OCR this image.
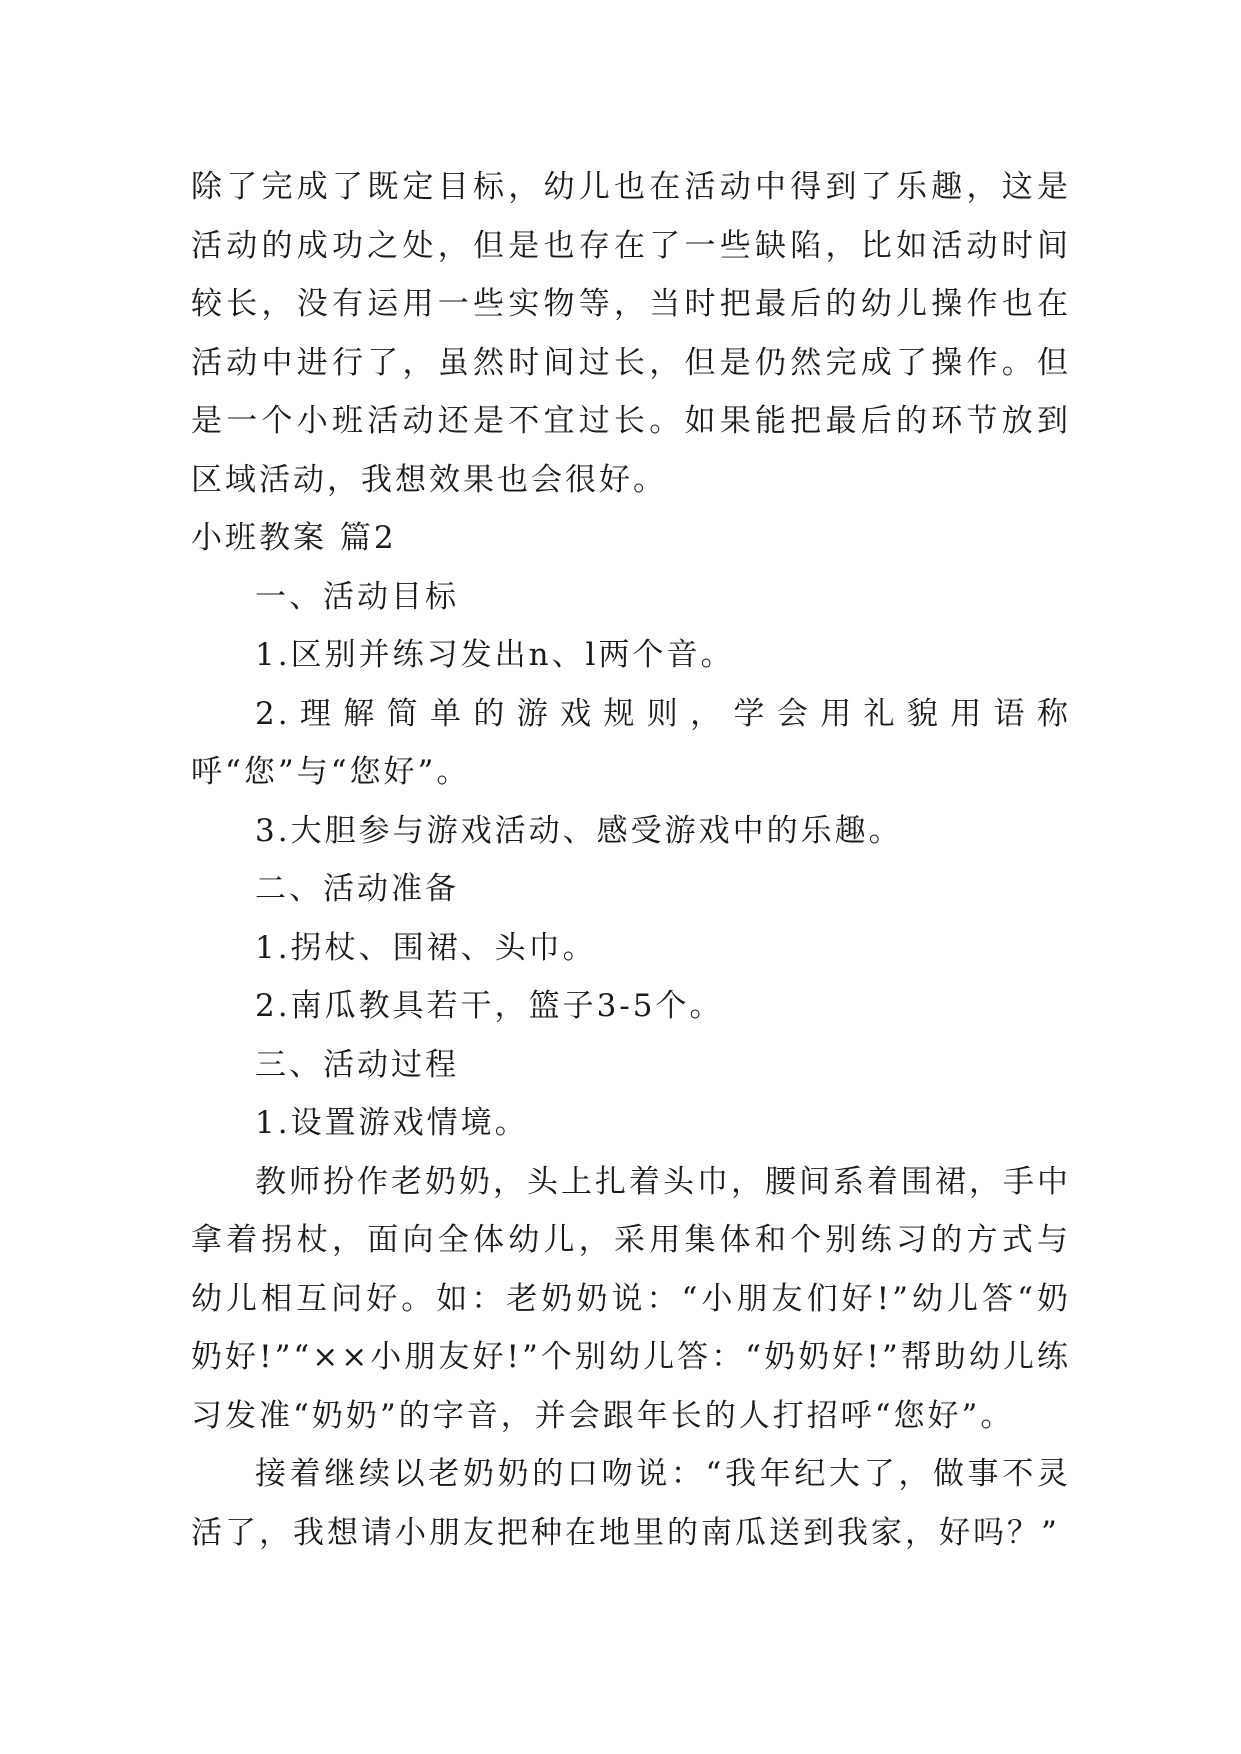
除了完成了既定目标，幼儿也在活动中得到了乐趣，这是活动的成功之处，但是也存在了一些缺陷，比如活动时间较长，没有运用一些实物等，当时把最后的幼儿操作也在活动中进行了，虽然时间过长，但是仍然完成了操作。但是一个小班活动还是不宜过长。如果能把最后的环节放到区域活动，我想效果也会很好。

小班教案 篇2

一、活动目标

1.区别并练习发出n、l两个音。

2.理解简单的游戏规则，学会用礼貌用语称呼“您”与“您好”。

3.大胆参与游戏活动、感受游戏中的乐趣。

二、活动准备

1.拐杖、围裙、头巾。

2.南瓜教具若干，篮子3-5个。

三、活动过程

1.设置游戏情境。

教师扮作老奶奶，头上扎着头巾，腰间系着围裙，手中拿着拐杖，面向全体幼儿，采用集体和个别练习的方式与幼儿相互问好。如：老奶奶说：“小朋友们好!”幼儿答“奶奶好!”“××小朋友好!”个别幼儿答：“奶奶好!”帮助幼儿练习发准“奶奶”的字音，并会跟年长的人打招呼“您好”。

接着继续以老奶奶的口吻说：“我年纪大了，做事不灵活了，我想请小朋友把种在地里的南瓜送到我家，好吗？”
